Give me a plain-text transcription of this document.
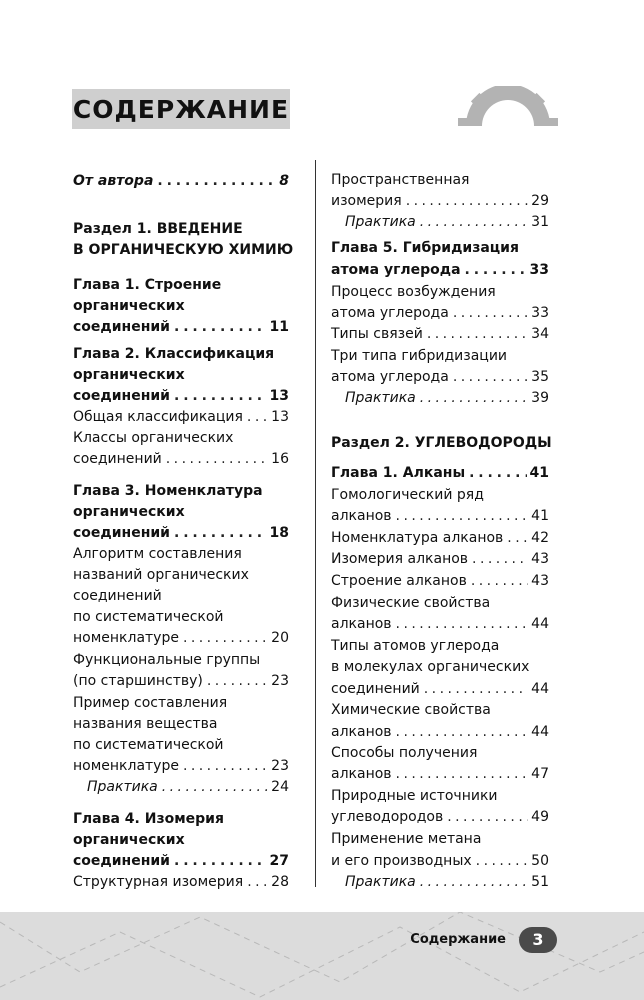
СОДЕРЖАНИЕ
От автора . . .	8
Раздел 1. ВВЕДЕНИЕ
В ОРГАНИЧЕСКУЮ ХИМИЮ
Глава 1. Строение
органических
соединений . . .	11
Глава 2. Классификация
органических
соединений . . .	13
Общая классификация . . . 13
Классы органических
соединений . . .	16
Глава 3. Номенклатура
органических
соединений . . .	18
Алгоритм составления
названий органических
соединений
по систематической
номенклатуре . . .	20
Функциональные группы
(по старшинству) . . .	23
Пример составления
названия вещества
по систематической
номенклатуре . . .	23
Практика . . .	24
Глава 4. Изомерия
органических
соединений . . .	27
Структурная изомерия . . . 28
Пространственная
изомерия . . .	29
Практика . . .	31
Глава 5. Гибридизация
атома углерода . . .	33
Процесс возбуждения
атома углерода . . .	33
Типы связей . . .	34
Три типа гибридизации
атома углерода . . .	35
Практика . . .	39
Раздел 2. УГЛЕВОДОРОДЫ
Глава 1. Алканы . . .	41
Гомологический ряд
алканов . . .	41
Номенклатура алканов . . . 42
Изомерия алканов . . .	43
Строение алканов . . .	43
Физические свойства
алканов . . .	44
Типы атомов углерода
в молекулах органических
соединений . . .	44
Химические свойства
алканов . . .	44
Способы получения
алканов . . .	47
Природные источники
углеводородов . . .	49
Применение метана
и его производных . . .	50
Практика . . .	51
Содержание	3
